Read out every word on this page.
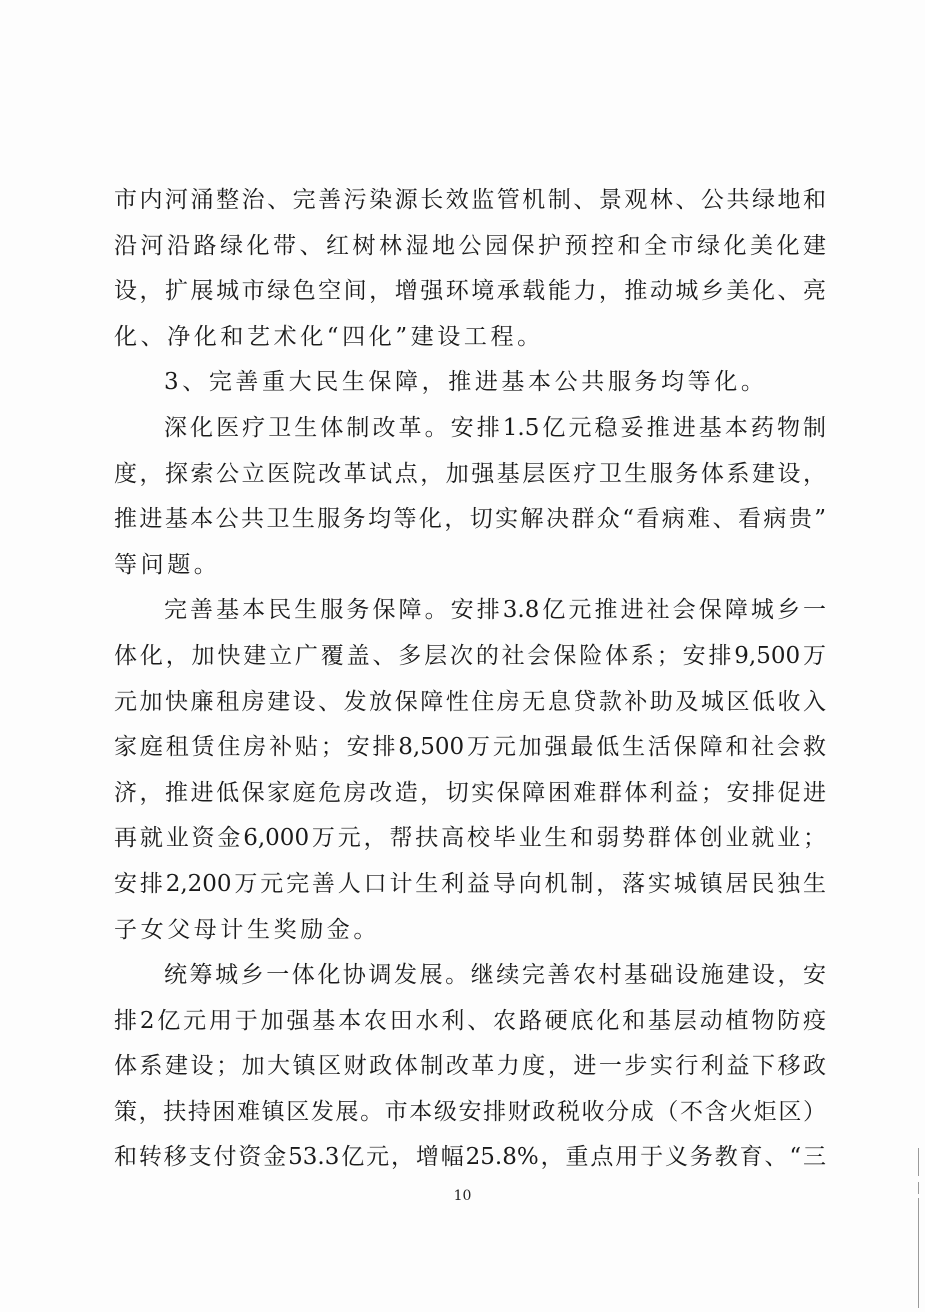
市内河涌整治、完善污染源长效监管机制、景观林、公共绿地和
沿河沿路绿化带、红树林湿地公园保护预控和全市绿化美化建
设，扩展城市绿色空间，增强环境承载能力，推动城乡美化、亮
化、净化和艺术化“四化”建设工程。
3、完善重大民生保障，推进基本公共服务均等化。
深化医疗卫生体制改革。安排1.5亿元稳妥推进基本药物制
度，探索公立医院改革试点，加强基层医疗卫生服务体系建设，
推进基本公共卫生服务均等化，切实解决群众“看病难、看病贵”
等问题。
完善基本民生服务保障。安排3.8亿元推进社会保障城乡一
体化，加快建立广覆盖、多层次的社会保险体系；安排9,500万
元加快廉租房建设、发放保障性住房无息贷款补助及城区低收入
家庭租赁住房补贴；安排8,500万元加强最低生活保障和社会救
济，推进低保家庭危房改造，切实保障困难群体利益；安排促进
再就业资金6,000万元，帮扶高校毕业生和弱势群体创业就业；
安排2,200万元完善人口计生利益导向机制，落实城镇居民独生
子女父母计生奖励金。
统筹城乡一体化协调发展。继续完善农村基础设施建设，安
排2亿元用于加强基本农田水利、农路硬底化和基层动植物防疫
体系建设；加大镇区财政体制改革力度，进一步实行利益下移政
策，扶持困难镇区发展。市本级安排财政税收分成（不含火炬区）
和转移支付资金53.3亿元，增幅25.8%，重点用于义务教育、“三
10
